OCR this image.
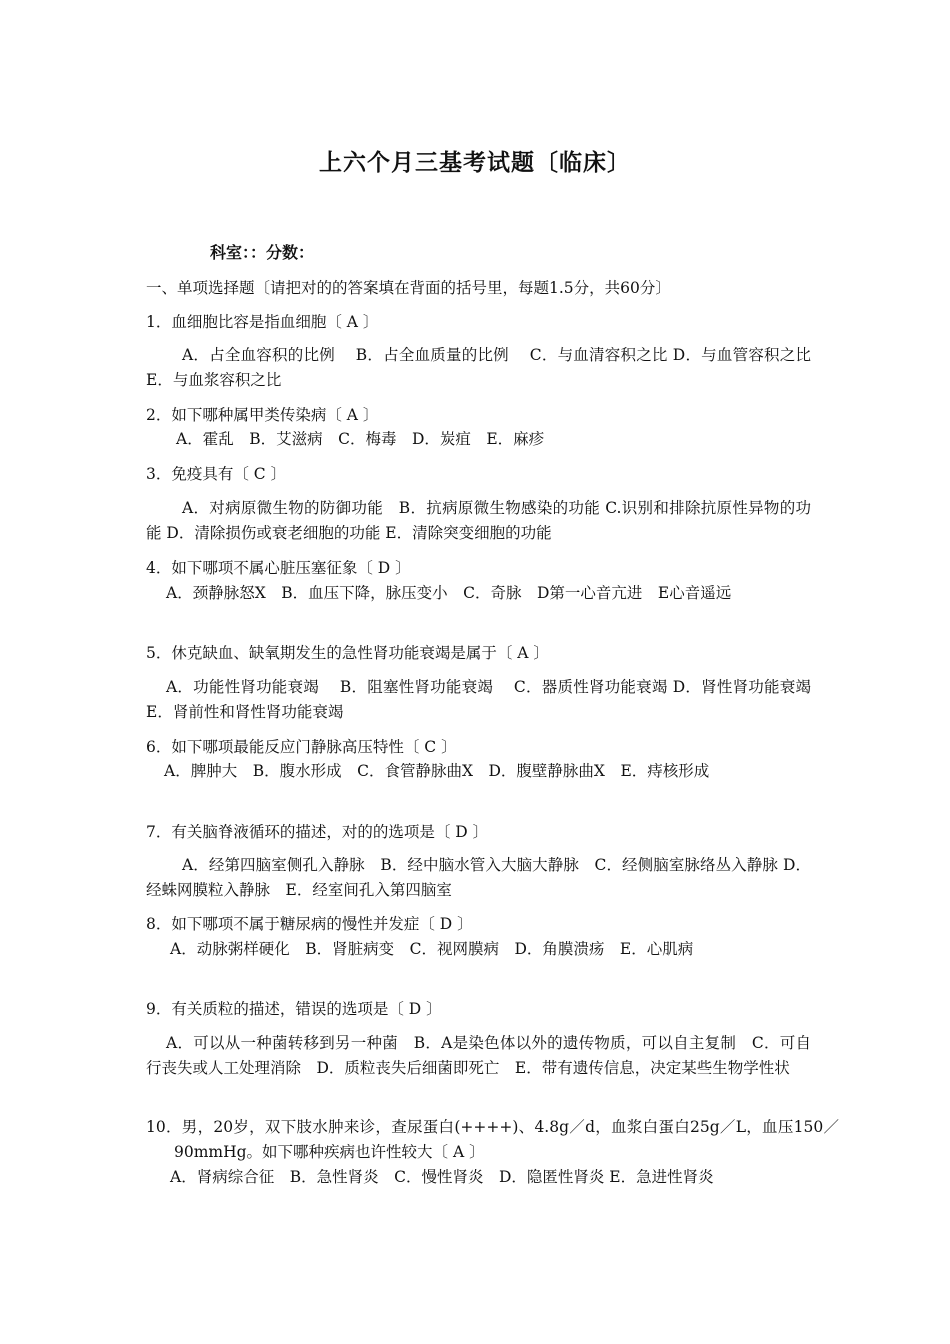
上六个月三基考试题〔临床〕
科室：：分数：
一、单项选择题〔请把对的的答案填在背面的括号里，每题1.5分，共60分〕
1．血细胞比容是指血细胞〔 A 〕
A．占全血容积的比例　 B．占全血质量的比例　 C．与血清容积之比 D．与血管容积之比　E．与血浆容积之比
2．如下哪种属甲类传染病〔 A 〕
A．霍乱　B．艾滋病　C．梅毒　D．炭疽　E．麻疹
3．免疫具有〔 C 〕
A．对病原微生物的防御功能　B．抗病原微生物感染的功能 C.识别和排除抗原性异物的功能 D．清除损伤或衰老细胞的功能 E．清除突变细胞的功能
4．如下哪项不属心脏压塞征象〔 D 〕
A．颈静脉怒X　B．血压下降，脉压变小　C．奇脉　D第一心音亢进　E心音遥远
5．休克缺血、缺氧期发生的急性肾功能衰竭是属于〔 A 〕
A．功能性肾功能衰竭　 B．阻塞性肾功能衰竭　 C．器质性肾功能衰竭 D．肾性肾功能衰竭　E．肾前性和肾性肾功能衰竭
6．如下哪项最能反应门静脉高压特性〔 C 〕
A．脾肿大　B．腹水形成　C．食管静脉曲X　D．腹壁静脉曲X　E．痔核形成
7．有关脑脊液循环的描述，对的的选项是〔 D 〕
A．经第四脑室侧孔入静脉　B．经中脑水管入大脑大静脉　C．经侧脑室脉络丛入静脉 D．经蛛网膜粒入静脉　E．经室间孔入第四脑室
8．如下哪项不属于糖尿病的慢性并发症〔 D 〕
A．动脉粥样硬化　B．肾脏病变　C．视网膜病　D．角膜溃疡　E．心肌病
9．有关质粒的描述，错误的选项是〔 D 〕
A．可以从一种菌转移到另一种菌　B．A是染色体以外的遗传物质，可以自主复制　C．可自行丧失或人工处理消除　D．质粒丧失后细菌即死亡　E．带有遗传信息，决定某些生物学性状
10．男，20岁，双下肢水肿来诊，查尿蛋白(++++)、4.8g／d，血浆白蛋白25g／L，血压150／90mmHg。如下哪种疾病也许性较大〔 A 〕
A．肾病综合征　B．急性肾炎　C．慢性肾炎　D．隐匿性肾炎 E．急进性肾炎
